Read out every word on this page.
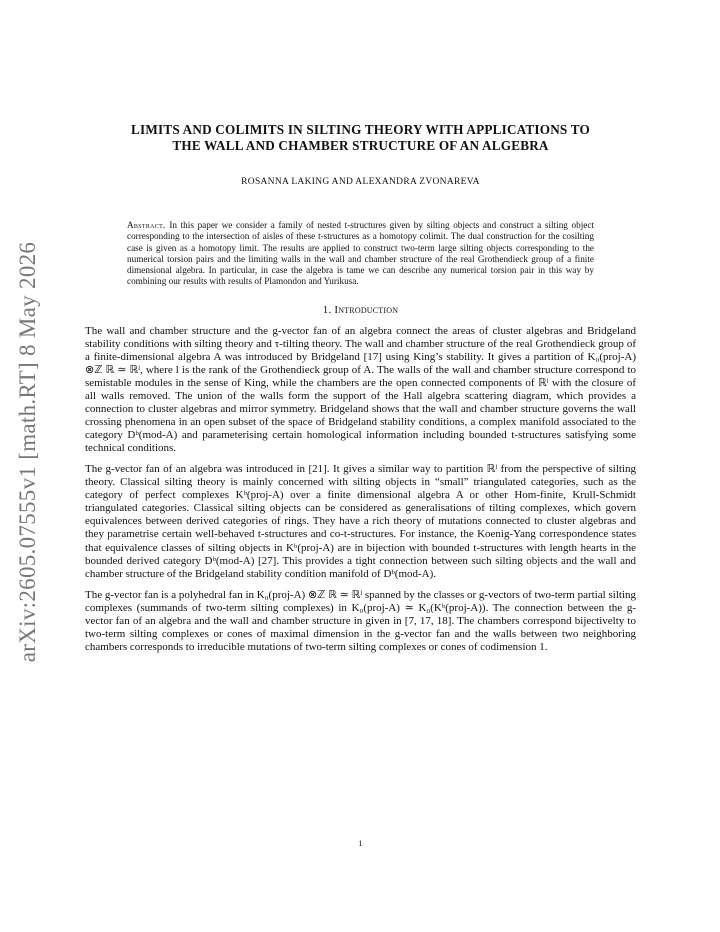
arXiv:2605.07555v1 [math.RT] 8 May 2026
LIMITS AND COLIMITS IN SILTING THEORY WITH APPLICATIONS TO
THE WALL AND CHAMBER STRUCTURE OF AN ALGEBRA
ROSANNA LAKING AND ALEXANDRA ZVONAREVA
Abstract. In this paper we consider a family of nested t-structures given by silting objects and construct a silting object corresponding to the intersection of aisles of these t-structures as a homotopy colimit. The dual construction for the cosilting case is given as a homotopy limit. The results are applied to construct two-term large silting objects corresponding to the numerical torsion pairs and the limiting walls in the wall and chamber structure of the real Grothendieck group of a finite dimensional algebra. In particular, in case the algebra is tame we can describe any numerical torsion pair in this way by combining our results with results of Plamondon and Yurikusa.
1. Introduction

The wall and chamber structure and the g-vector fan of an algebra connect the areas of cluster algebras and Bridgeland stability conditions with silting theory and τ-tilting theory. The wall and chamber structure of the real Grothendieck group of a finite-dimensional algebra A was introduced by Bridgeland [17] using King’s stability. It gives a partition of K₀(proj-A) ⊗ℤ ℝ ≃ ℝˡ, where l is the rank of the Grothendieck group of A. The walls of the wall and chamber structure correspond to semistable modules in the sense of King, while the chambers are the open connected components of ℝˡ with the closure of all walls removed. The union of the walls form the support of the Hall algebra scattering diagram, which provides a connection to cluster algebras and mirror symmetry. Bridgeland shows that the wall and chamber structure governs the wall crossing phenomena in an open subset of the space of Bridgeland stability conditions, a complex manifold associated to the category Dᵇ(mod-A) and parameterising certain homological information including bounded t-structures satisfying some technical conditions.

The g-vector fan of an algebra was introduced in [21]. It gives a similar way to partition ℝˡ from the perspective of silting theory. Classical silting theory is mainly concerned with silting objects in “small” triangulated categories, such as the category of perfect complexes Kᵇ(proj-A) over a finite dimensional algebra A or other Hom-finite, Krull-Schmidt triangulated categories. Classical silting objects can be considered as generalisations of tilting complexes, which govern equivalences between derived categories of rings. They have a rich theory of mutations connected to cluster algebras and they parametrise certain well-behaved t-structures and co-t-structures. For instance, the Koenig-Yang correspondence states that equivalence classes of silting objects in Kᵇ(proj-A) are in bijection with bounded t-structures with length hearts in the bounded derived category Dᵇ(mod-A) [27]. This provides a tight connection between such silting objects and the wall and chamber structure of the Bridgeland stability condition manifold of Dᵇ(mod-A).

The g-vector fan is a polyhedral fan in K₀(proj-A) ⊗ℤ ℝ ≃ ℝˡ spanned by the classes or g-vectors of two-term partial silting complexes (summands of two-term silting complexes) in K₀(proj-A) ≃ K₀(Kᵇ(proj-A)). The connection between the g-vector fan of an algebra and the wall and chamber structure in given in [7, 17, 18]. The chambers correspond bijectivelty to two-term silting complexes or cones of maximal dimension in the g-vector fan and the walls between two neighboring chambers corresponds to irreducible mutations of two-term silting complexes or cones of codimension 1.

1
